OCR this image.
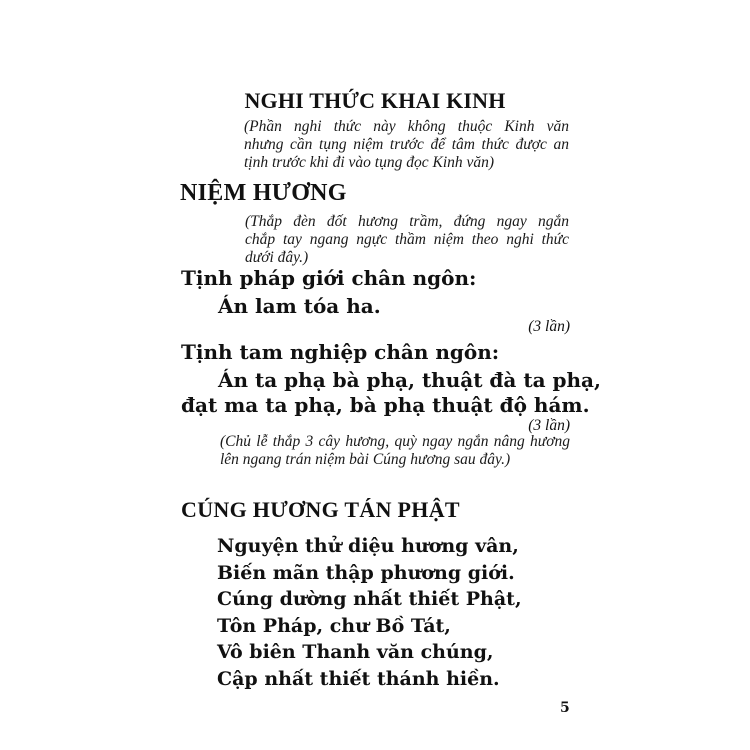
NGHI THỨC KHAI KINH
(Phần nghi thức này không thuộc Kinh văn
nhưng cần tụng niệm trước để tâm thức được an
tịnh trước khi đi vào tụng đọc Kinh văn)
NIỆM HƯƠNG
(Thắp đèn đốt hương trầm, đứng ngay ngắn
chắp tay ngang ngực thầm niệm theo nghi thức
dưới đây.)
Tịnh pháp giới chân ngôn:
Án lam tóa ha.
(3 lần)
Tịnh tam nghiệp chân ngôn:
Án ta phạ bà phạ, thuật đà ta phạ,
đạt ma ta phạ, bà phạ thuật độ hám.
(3 lần)
(Chủ lễ thắp 3 cây hương, quỳ ngay ngắn nâng hương
lên ngang trán niệm bài Cúng hương sau đây.)
CÚNG HƯƠNG TÁN PHẬT
Nguyện thử diệu hương vân,
Biến mãn thập phương giới.
Cúng dường nhất thiết Phật,
Tôn Pháp, chư Bồ Tát,
Vô biên Thanh văn chúng,
Cập nhất thiết thánh hiền.
5
